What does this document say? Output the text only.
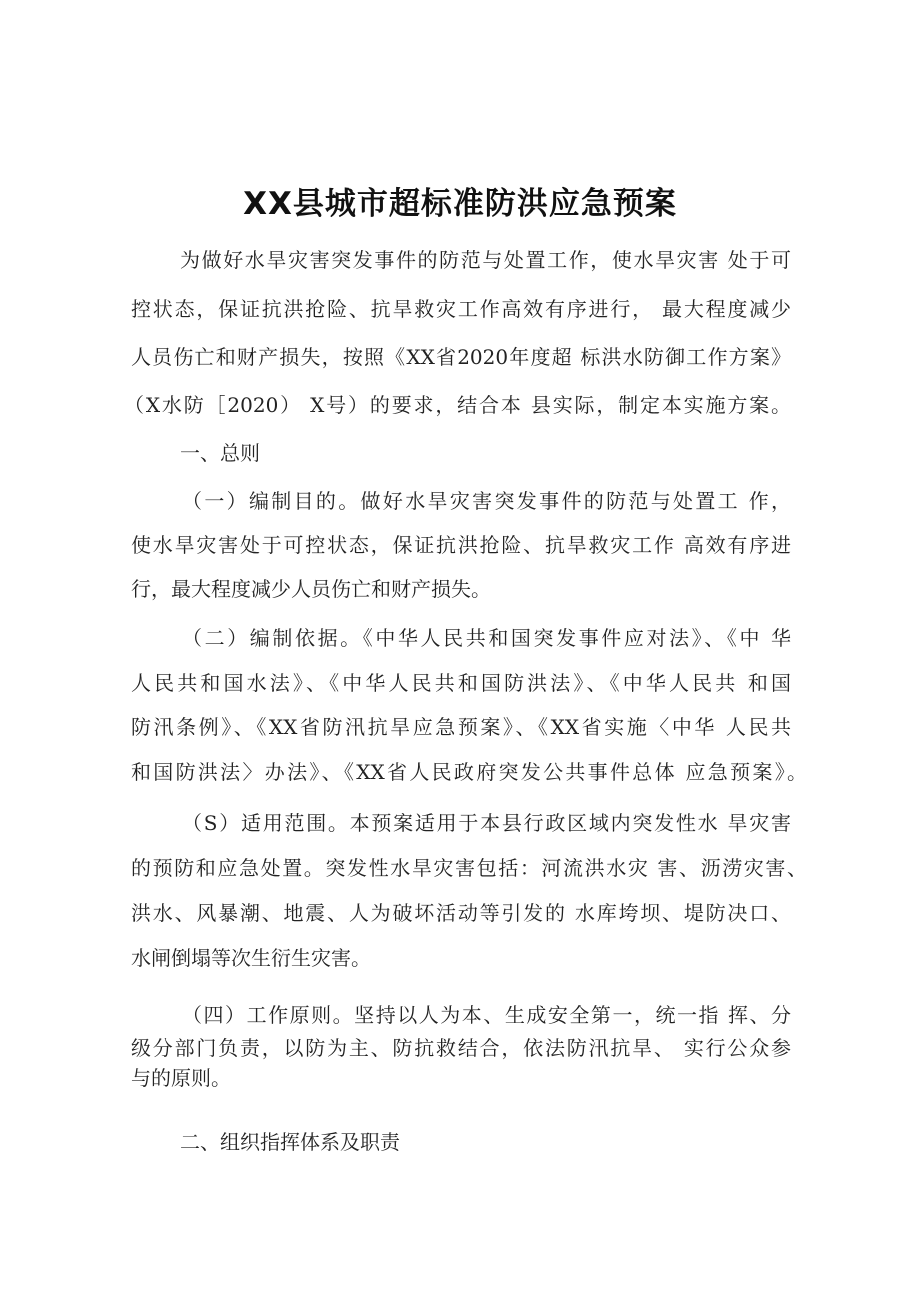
XX县城市超标准防洪应急预案

为做好水旱灾害突发事件的防范与处置工作，使水旱灾害 处于可

控状态，保证抗洪抢险、抗旱救灾工作高效有序进行， 最大程度减少

人员伤亡和财产损失，按照《XX省2020年度超 标洪水防御工作方案》

（X水防［2020） X号）的要求，结合本 县实际，制定本实施方案。

一、总则

（一）编制目的。做好水旱灾害突发事件的防范与处置工 作，

使水旱灾害处于可控状态，保证抗洪抢险、抗旱救灾工作 高效有序进

行，最大程度减少人员伤亡和财产损失。

（二）编制依据。《中华人民共和国突发事件应对法》、《中 华

人民共和国水法》、《中华人民共和国防洪法》、《中华人民共 和国

防汛条例》、《XX省防汛抗旱应急预案》、《XX省实施〈中华 人民共

和国防洪法〉办法》、《XX省人民政府突发公共事件总体 应急预案》。

（S）适用范围。本预案适用于本县行政区域内突发性水 旱灾害

的预防和应急处置。突发性水旱灾害包括：河流洪水灾 害、沥涝灾害、

洪水、风暴潮、地震、人为破坏活动等引发的 水库垮坝、堤防决口、

水闸倒塌等次生衍生灾害。

（四）工作原则。坚持以人为本、生成安全第一，统一指 挥、分

级分部门负责，以防为主、防抗救结合，依法防汛抗旱、 实行公众参

与的原则。

二、组织指挥体系及职责
